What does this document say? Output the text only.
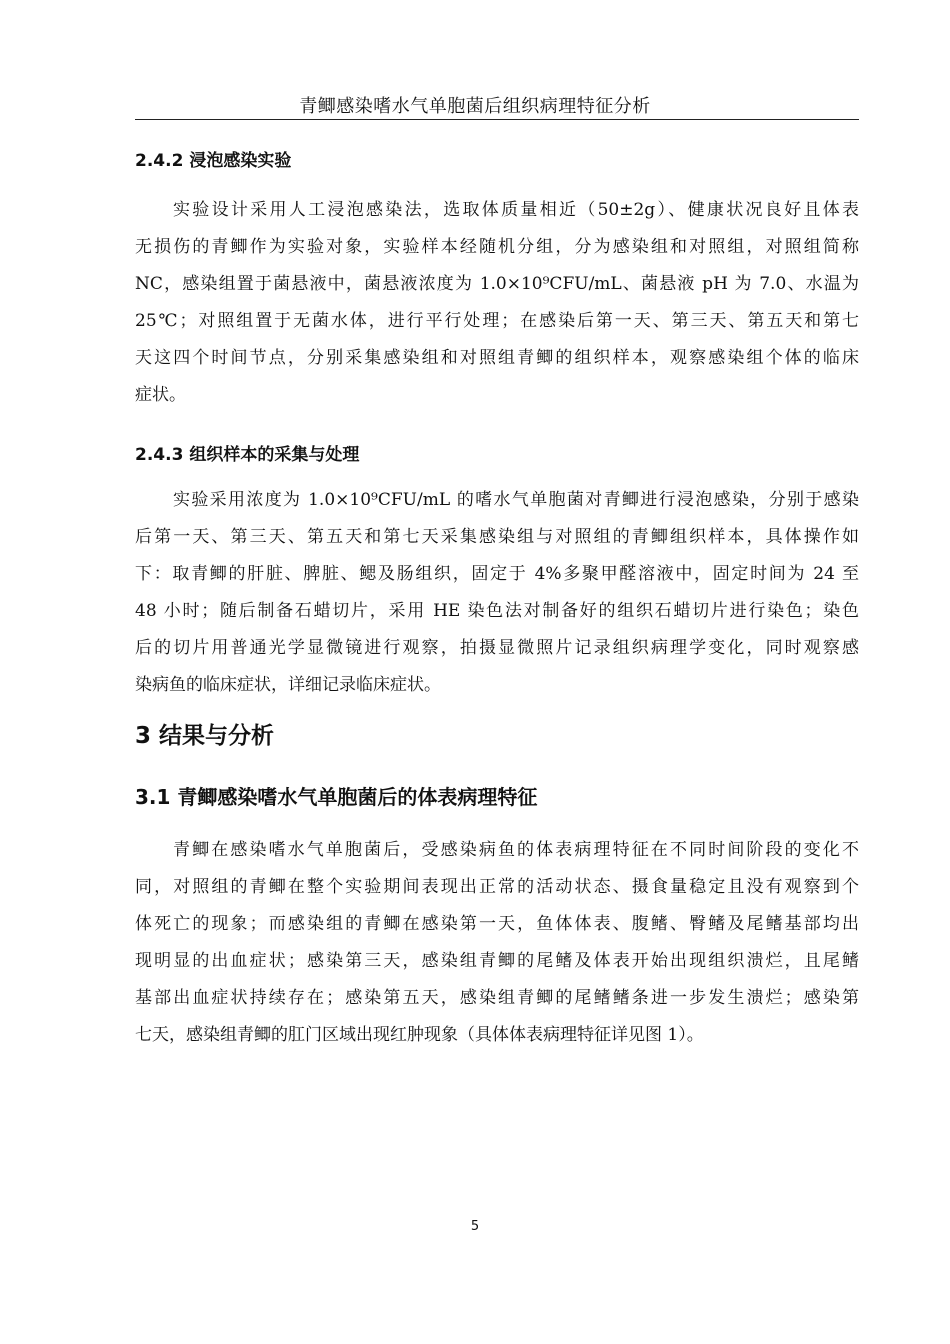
青鲫感染嗜水气单胞菌后组织病理特征分析
2.4.2 浸泡感染实验
实验设计采用人工浸泡感染法，选取体质量相近（50±2g）、健康状况良好且体表
无损伤的青鲫作为实验对象，实验样本经随机分组，分为感染组和对照组，对照组简称
NC，感染组置于菌悬液中，菌悬液浓度为 1.0×10⁹CFU/mL、菌悬液 pH 为 7.0、水温为
25℃；对照组置于无菌水体，进行平行处理；在感染后第一天、第三天、第五天和第七
天这四个时间节点，分别采集感染组和对照组青鲫的组织样本，观察感染组个体的临床
症状。
2.4.3 组织样本的采集与处理
实验采用浓度为 1.0×10⁹CFU/mL 的嗜水气单胞菌对青鲫进行浸泡感染，分别于感染
后第一天、第三天、第五天和第七天采集感染组与对照组的青鲫组织样本，具体操作如
下：取青鲫的肝脏、脾脏、鳃及肠组织，固定于 4%多聚甲醛溶液中，固定时间为 24 至
48 小时；随后制备石蜡切片，采用 HE 染色法对制备好的组织石蜡切片进行染色；染色
后的切片用普通光学显微镜进行观察，拍摄显微照片记录组织病理学变化，同时观察感
染病鱼的临床症状，详细记录临床症状。
3 结果与分析
3.1 青鲫感染嗜水气单胞菌后的体表病理特征
青鲫在感染嗜水气单胞菌后，受感染病鱼的体表病理特征在不同时间阶段的变化不
同，对照组的青鲫在整个实验期间表现出正常的活动状态、摄食量稳定且没有观察到个
体死亡的现象；而感染组的青鲫在感染第一天，鱼体体表、腹鳍、臀鳍及尾鳍基部均出
现明显的出血症状；感染第三天，感染组青鲫的尾鳍及体表开始出现组织溃烂，且尾鳍
基部出血症状持续存在；感染第五天，感染组青鲫的尾鳍鳍条进一步发生溃烂；感染第
七天，感染组青鲫的肛门区域出现红肿现象（具体体表病理特征详见图 1）。
5
